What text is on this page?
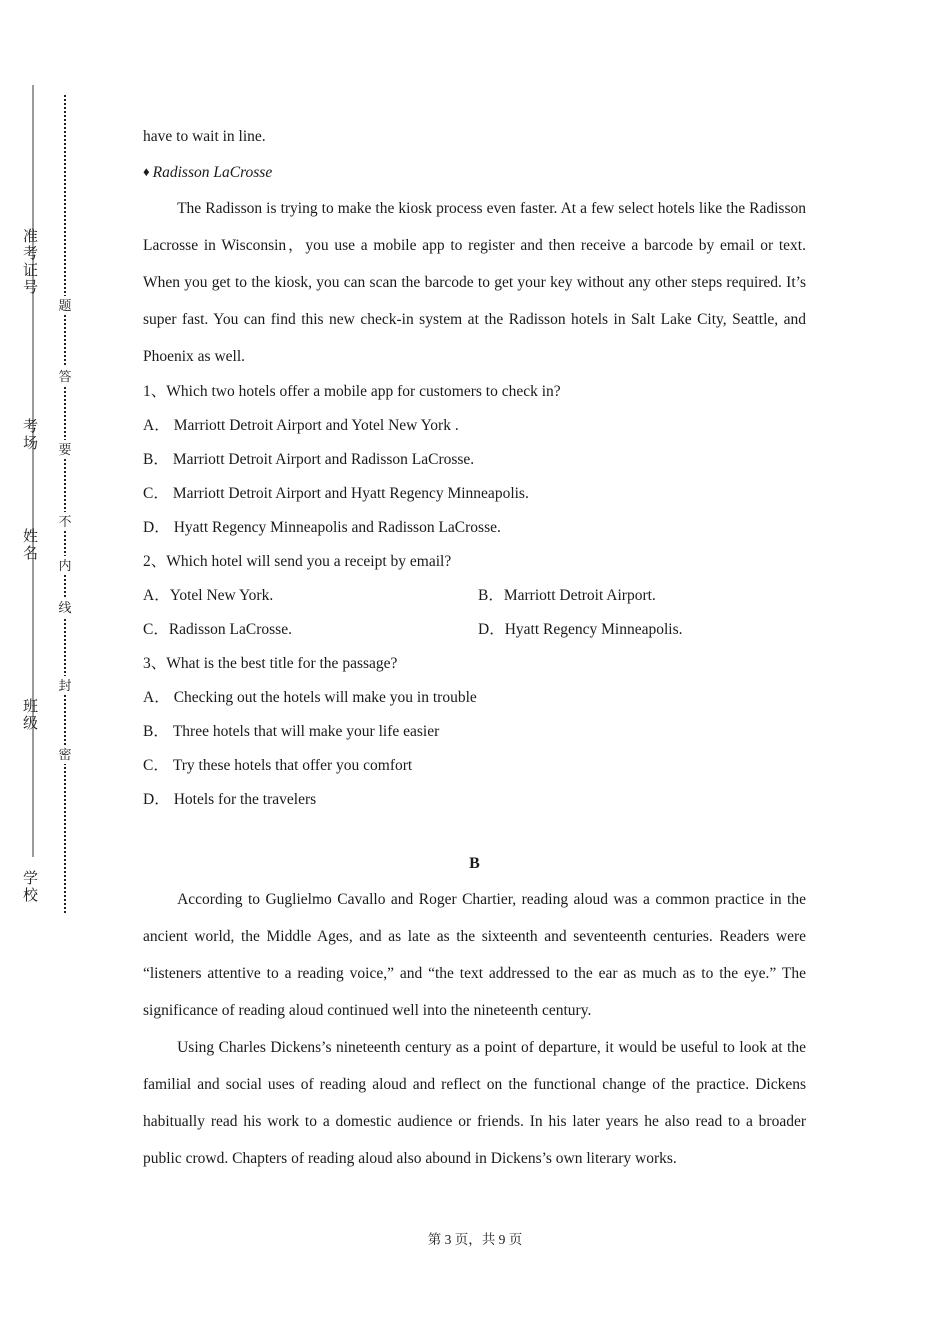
准考证号
考场
姓名
班级
学校
题
答
要
不
内
线
封
密

have to wait in line.

♦ Radisson LaCrosse

The Radisson is trying to make the kiosk process even faster. At a few select hotels like the Radisson Lacrosse in Wisconsin，you use a mobile app to register and then receive a barcode by email or text. When you get to the kiosk, you can scan the barcode to get your key without any other steps required. It’s super fast. You can find this new check-in system at the Radisson hotels in Salt Lake City, Seattle, and Phoenix as well.

1、Which two hotels offer a mobile app for customers to check in?

A． Marriott Detroit Airport and Yotel New York .

B． Marriott Detroit Airport and Radisson LaCrosse.

C． Marriott Detroit Airport and Hyatt Regency Minneapolis.

D． Hyatt Regency Minneapolis and Radisson LaCrosse.

2、Which hotel will send you a receipt by email?

A．Yotel New York.	B．Marriott Detroit Airport.
C．Radisson LaCrosse.	D．Hyatt Regency Minneapolis.

3、What is the best title for the passage?

A． Checking out the hotels will make you in trouble

B． Three hotels that will make your life easier

C． Try these hotels that offer you comfort

D． Hotels for the travelers

B

According to Guglielmo Cavallo and Roger Chartier, reading aloud was a common practice in the ancient world, the Middle Ages, and as late as the sixteenth and seventeenth centuries. Readers were “listeners attentive to a reading voice,” and “the text addressed to the ear as much as to the eye.” The significance of reading aloud continued well into the nineteenth century.

Using Charles Dickens’s nineteenth century as a point of departure, it would be useful to look at the familial and social uses of reading aloud and reflect on the functional change of the practice. Dickens habitually read his work to a domestic audience or friends. In his later years he also read to a broader public crowd. Chapters of reading aloud also abound in Dickens’s own literary works.

第 3 页，共 9 页
